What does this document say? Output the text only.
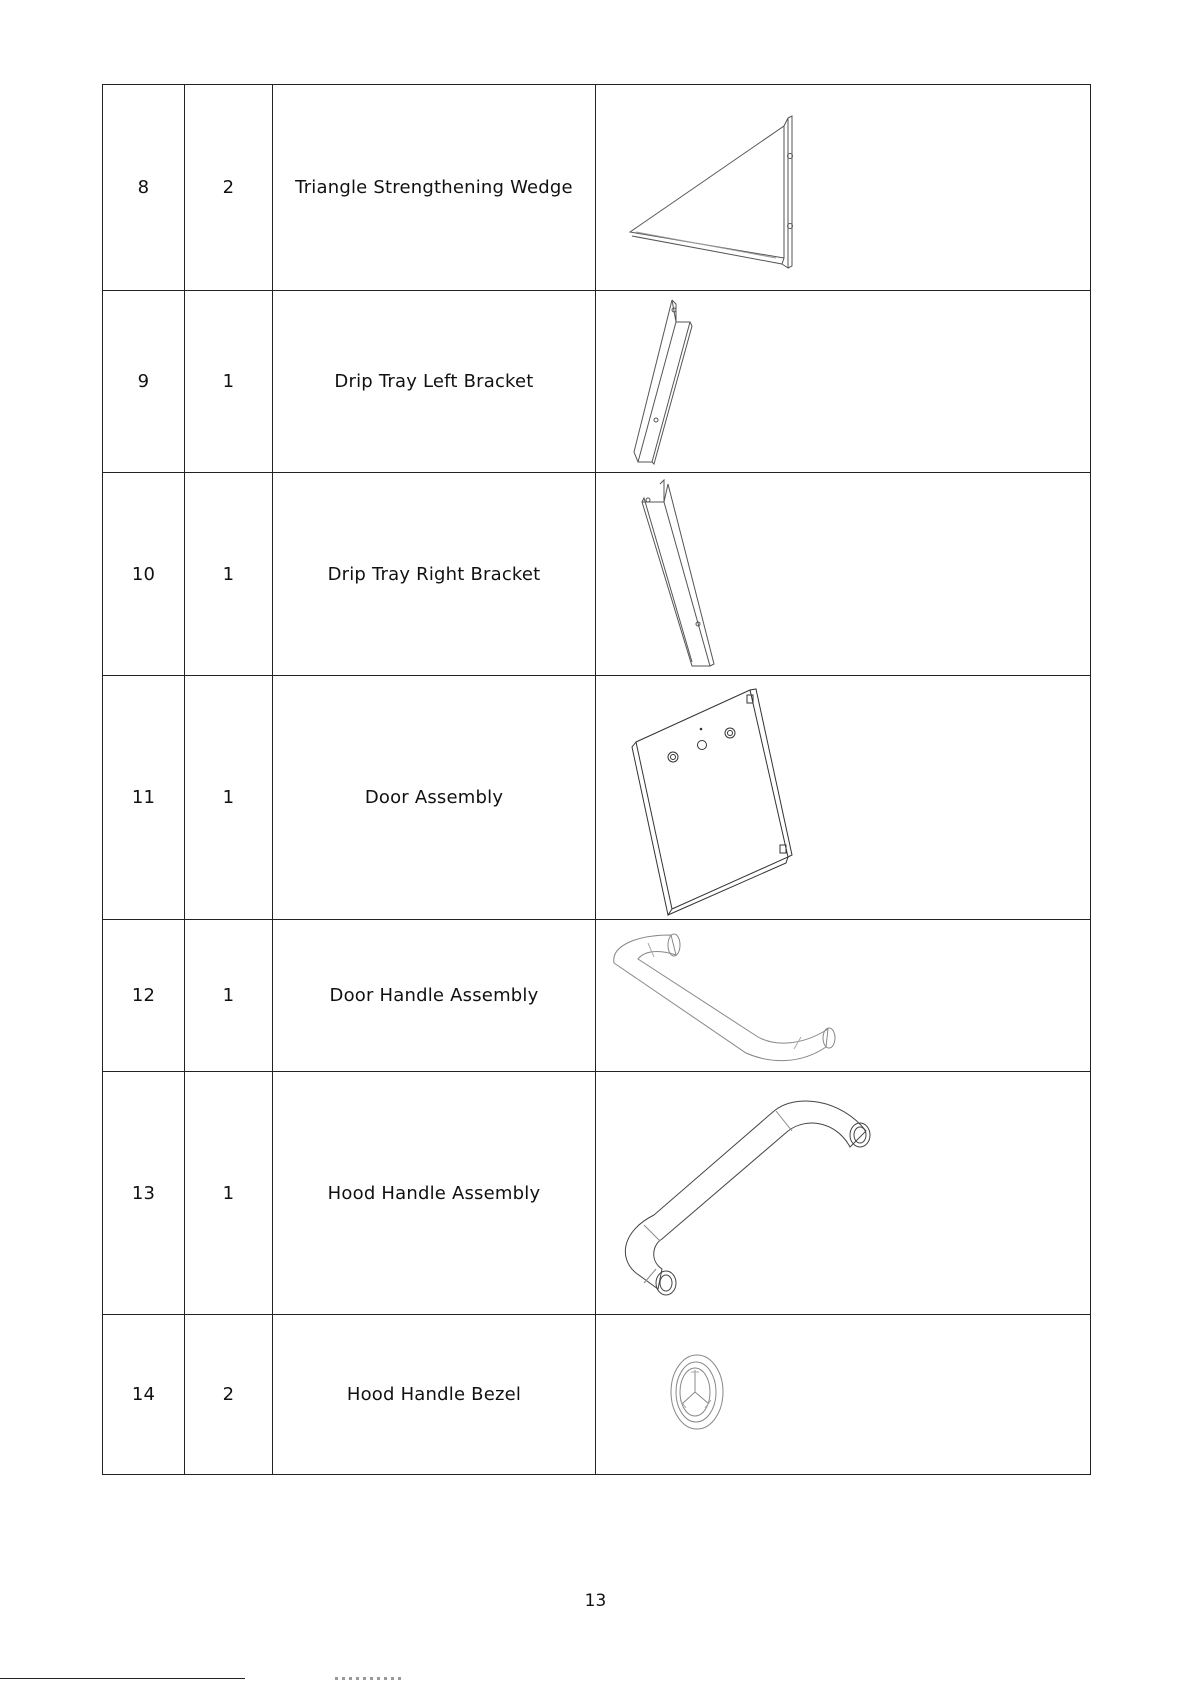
8	2	Triangle Strengthening Wedge	

9	1	Drip Tray Left Bracket	

10	1	Drip Tray Right Bracket	

11	1	Door Assembly	

12	1	Door Handle Assembly	

13	1	Hood Handle Assembly	

14	2	Hood Handle Bezel	
13
